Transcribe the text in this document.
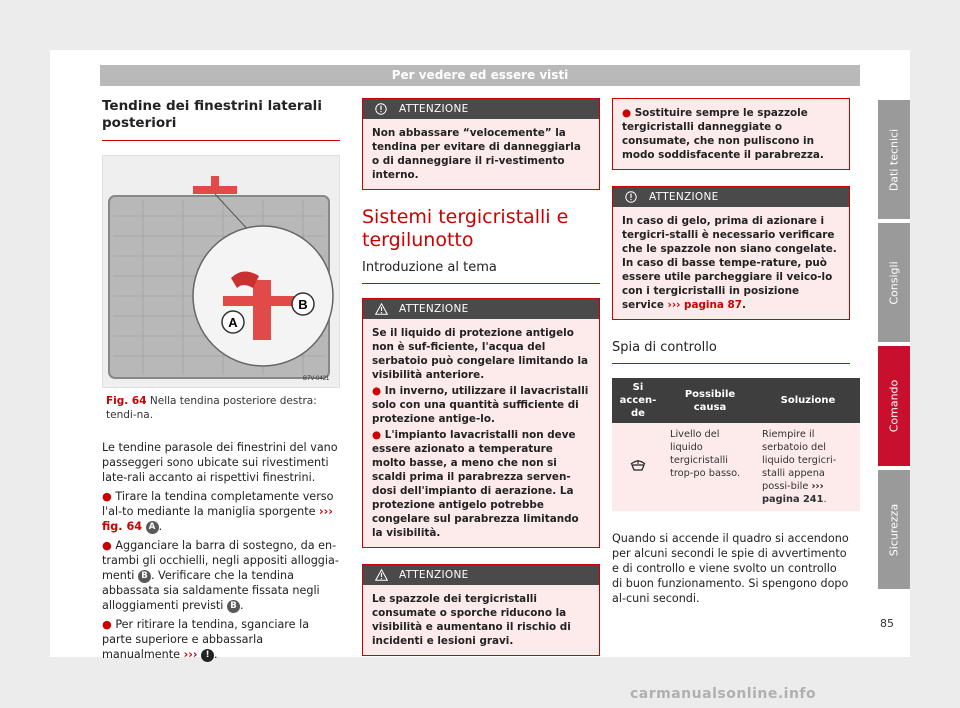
Per vedere ed essere visti
Tendine dei finestrini laterali posteriori
A
B
B7V-0421
Fig. 64 Nella tendina posteriore destra: tendi-na.

Le tendine parasole dei finestrini del vano passeggeri sono ubicate sui rivestimenti late-rali accanto ai rispettivi finestrini.

● Tirare la tendina completamente verso l'al-to mediante la maniglia sporgente ››› fig. 64 A .
● Agganciare la barra di sostegno, da en-trambi gli occhielli, negli appositi alloggia-menti B . Verificare che la tendina abbassata sia saldamente fissata negli alloggiamenti previsti B .
● Per ritirare la tendina, sganciare la parte superiore e abbassarla manualmente ››› ! .
ATTENZIONE
Non abbassare “velocemente” la tendina per evitare di danneggiarla o di danneggiare il ri-vestimento interno.
Sistemi tergicristalli e tergilunotto
Introduzione al tema
ATTENZIONE
Se il liquido di protezione antigelo non è suf-ficiente, l'acqua del serbatoio può congelare limitando la visibilità anteriore.
● In inverno, utilizzare il lavacristalli solo con una quantità sufficiente di protezione antige-lo.
● L'impianto lavacristalli non deve essere azionato a temperature molto basse, a meno che non si scaldi prima il parabrezza serven-dosi dell'impianto di aerazione. La protezione antigelo potrebbe congelare sul parabrezza limitando la visibilità.
ATTENZIONE
Le spazzole dei tergicristalli consumate o sporche riducono la visibilità e aumentano il rischio di incidenti e lesioni gravi.
● Sostituire sempre le spazzole tergicristalli danneggiate o consumate, che non puliscono in modo soddisfacente il parabrezza.
ATTENZIONE
In caso di gelo, prima di azionare i tergicri-stalli è necessario verificare che le spazzole non siano congelate. In caso di basse tempe-rature, può essere utile parcheggiare il veico-lo con i tergicristalli in posizione service ››› pagina 87.
Spia di controllo
Si accen-de	Possibile causa	Soluzione
	Livello del liquido tergicristalli trop-po basso.	Riempire il serbatoio del liquido tergicri-stalli appena possi-bile ››› pagina 241.

Quando si accende il quadro si accendono per alcuni secondi le spie di avvertimento e di controllo e viene svolto un controllo di buon funzionamento. Si spengono dopo al-cuni secondi.

Dati tecnici
Consigli
Comando
Sicurezza
85
carmanualsonline.info
